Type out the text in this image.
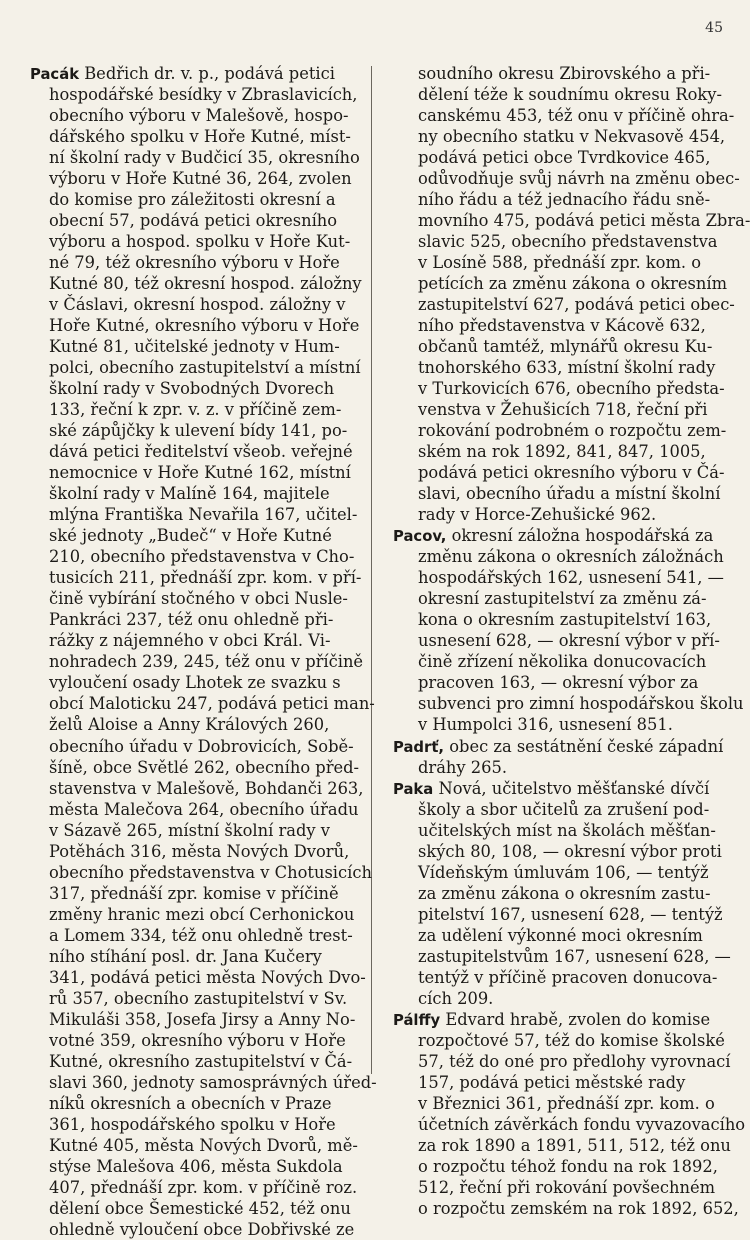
45
Pacák Bedřich dr. v. p., podává petici
hospodářské besídky v Zbraslavicích,
obecního výboru v Malešově, hospo-
dářského spolku v Hoře Kutné, míst-
ní školní rady v Budčicí 35, okresního
výboru v Hoře Kutné 36, 264, zvolen
do komise pro záležitosti okresní a
obecní 57, podává petici okresního
výboru a hospod. spolku v Hoře Kut-
né 79, též okresního výboru v Hoře
Kutné 80, též okresní hospod. záložny
v Čáslavi, okresní hospod. záložny v
Hoře Kutné, okresního výboru v Hoře
Kutné 81, učitelské jednoty v Hum-
polci, obecního zastupitelství a místní
školní rady v Svobodných Dvorech
133, řeční k zpr. v. z. v příčině zem-
ské zápůjčky k ulevení bídy 141, po-
dává petici ředitelství všeob. veřejné
nemocnice v Hoře Kutné 162, místní
školní rady v Malíně 164, majitele
mlýna Františka Nevařila 167, učitel-
ské jednoty „Budeč“ v Hoře Kutné
210, obecního představenstva v Cho-
tusicích 211, přednáší zpr. kom. v pří-
čině vybírání stočného v obci Nusle-
Pankráci 237, též onu ohledně při-
rážky z nájemného v obci Král. Vi-
nohradech 239, 245, též onu v příčině
vyloučení osady Lhotek ze svazku s
obcí Maloticku 247, podává petici man-
želů Aloise a Anny Králových 260,
obecního úřadu v Dobrovicích, Sobě-
šíně, obce Světlé 262, obecního před-
stavenstva v Malešově, Bohdanči 263,
města Malečova 264, obecního úřadu
v Sázavě 265, místní školní rady v
Potěhách 316, města Nových Dvorů,
obecního představenstva v Chotusicích
317, přednáší zpr. komise v příčině
změny hranic mezi obcí Cerhonickou
a Lomem 334, též onu ohledně trest-
ního stíhání posl. dr. Jana Kučery
341, podává petici města Nových Dvo-
rů 357, obecního zastupitelství v Sv.
Mikuláši 358, Josefa Jirsy a Anny No-
votné 359, okresního výboru v Hoře
Kutné, okresního zastupitelství v Čá-
slavi 360, jednoty samosprávných úřed-
níků okresních a obecních v Praze
361, hospodářského spolku v Hoře
Kutné 405, města Nových Dvorů, mě-
stýse Malešova 406, města Sukdola
407, přednáší zpr. kom. v příčině roz.
dělení obce Šemestické 452, též onu
ohledně vyloučení obce Dobřivské ze
soudního okresu Zbirovského a při-
dělení téže k soudnímu okresu Roky-
canskému 453, též onu v příčině ohra-
ny obecního statku v Nekvasově 454,
podává petici obce Tvrdkovice 465,
odůvodňuje svůj návrh na změnu obec-
ního řádu a též jednacího řádu sně-
movního 475, podává petici města Zbra-
slavic 525, obecního představenstva
v Losíně 588, přednáší zpr. kom. o
petících za změnu zákona o okresním
zastupitelství 627, podává petici obec-
ního představenstva v Kácově 632,
občanů tamtéž, mlynářů okresu Ku-
tnohorského 633, místní školní rady
v Turkovicích 676, obecního předsta-
venstva v Žehušicích 718, řeční při
rokování podrobném o rozpočtu zem-
ském na rok 1892, 841, 847, 1005,
podává petici okresního výboru v Čá-
slavi, obecního úřadu a místní školní
rady v Horce-Zehušické 962.
Pacov, okresní záložna hospodářská za
změnu zákona o okresních záložnách
hospodářských 162, usnesení 541, —
okresní zastupitelství za změnu zá-
kona o okresním zastupitelství 163,
usnesení 628, — okresní výbor v pří-
čině zřízení několika donucovacích
pracoven 163, — okresní výbor za
subvenci pro zimní hospodářskou školu
v Humpolci 316, usnesení 851.
Padrť, obec za sestátnění české západní
dráhy 265.
Paka Nová, učitelstvo měšťanské dívčí
školy a sbor učitelů za zrušení pod-
učitelských míst na školách měšťan-
ských 80, 108, — okresní výbor proti
Vídeňským úmluvám 106, — tentýž
za změnu zákona o okresním zastu-
pitelství 167, usnesení 628, — tentýž
za udělení výkonné moci okresním
zastupitelstvům 167, usnesení 628, —
tentýž v příčině pracoven donucova-
cích 209.
Pálffy Edvard hrabě, zvolen do komise
rozpočtové 57, též do komise školské
57, též do oné pro předlohy vyrovnací
157, podává petici městské rady
v Březnici 361, přednáší zpr. kom. o
účetních závěrkách fondu vyvazovacího
za rok 1890 a 1891, 511, 512, též onu
o rozpočtu téhož fondu na rok 1892,
512, řeční při rokování povšechném
o rozpočtu zemském na rok 1892, 652,
